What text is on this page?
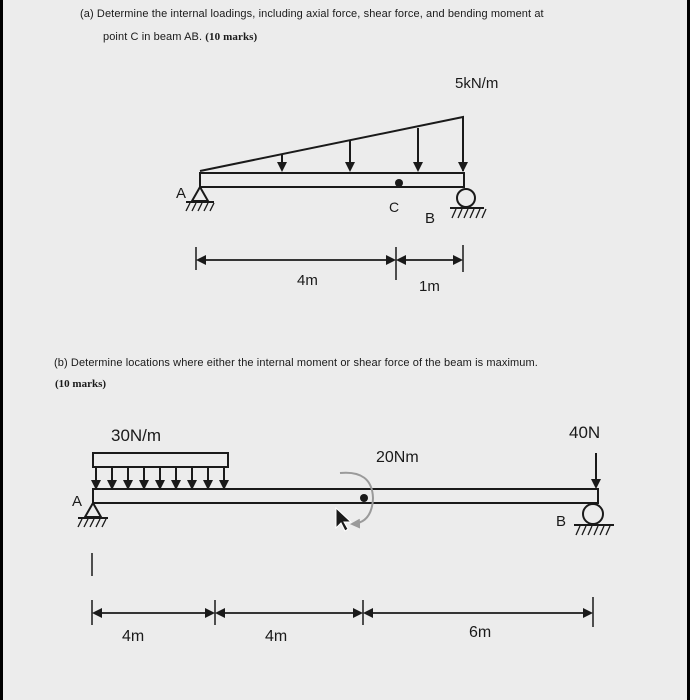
(a) Determine the internal loadings, including axial force, shear force, and bending moment at
point C in beam AB. (10 marks)
(b) Determine locations where either the internal moment or shear force of the beam is maximum.
(10 marks)
5kN/m
A
B
C
4m	1m
30N/m
20Nm
40N
A
B
4m	4m	6m
